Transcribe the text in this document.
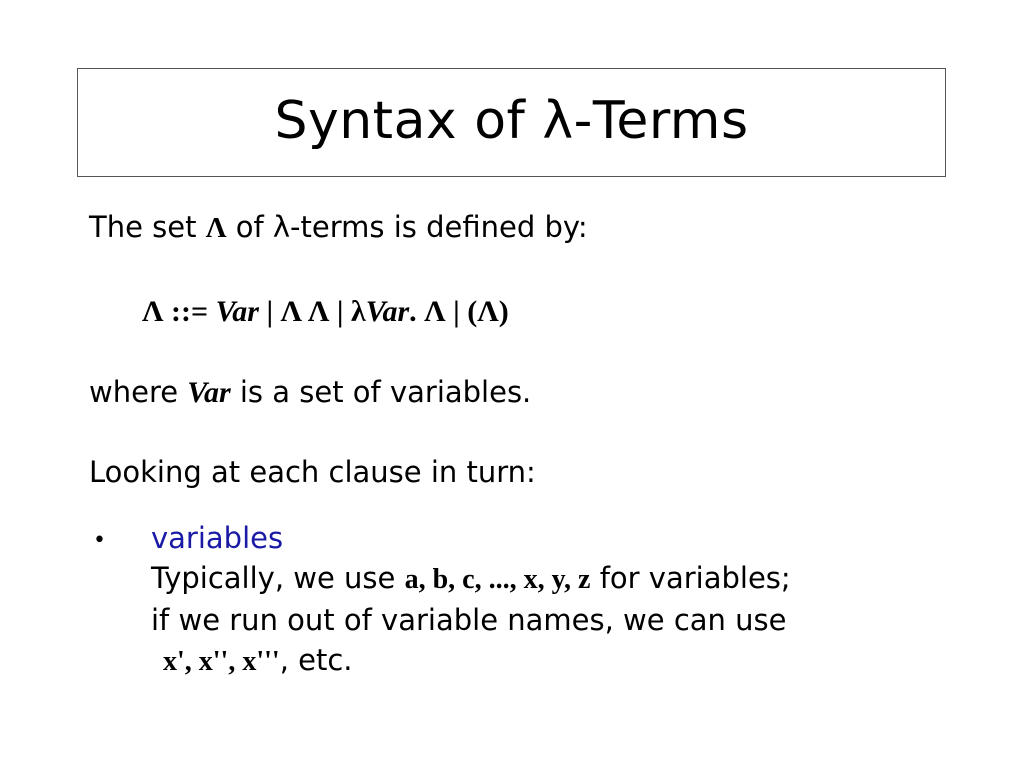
Syntax of λ-Terms
The set Λ of λ-terms is defined by:
Λ ::= Var | Λ Λ | λVar. Λ | (Λ)
where Var is a set of variables.
Looking at each clause in turn:
• variables
Typically, we use a, b, c, ..., x, y, z for variables;
if we run out of variable names, we can use
x', x'', x''', etc.
